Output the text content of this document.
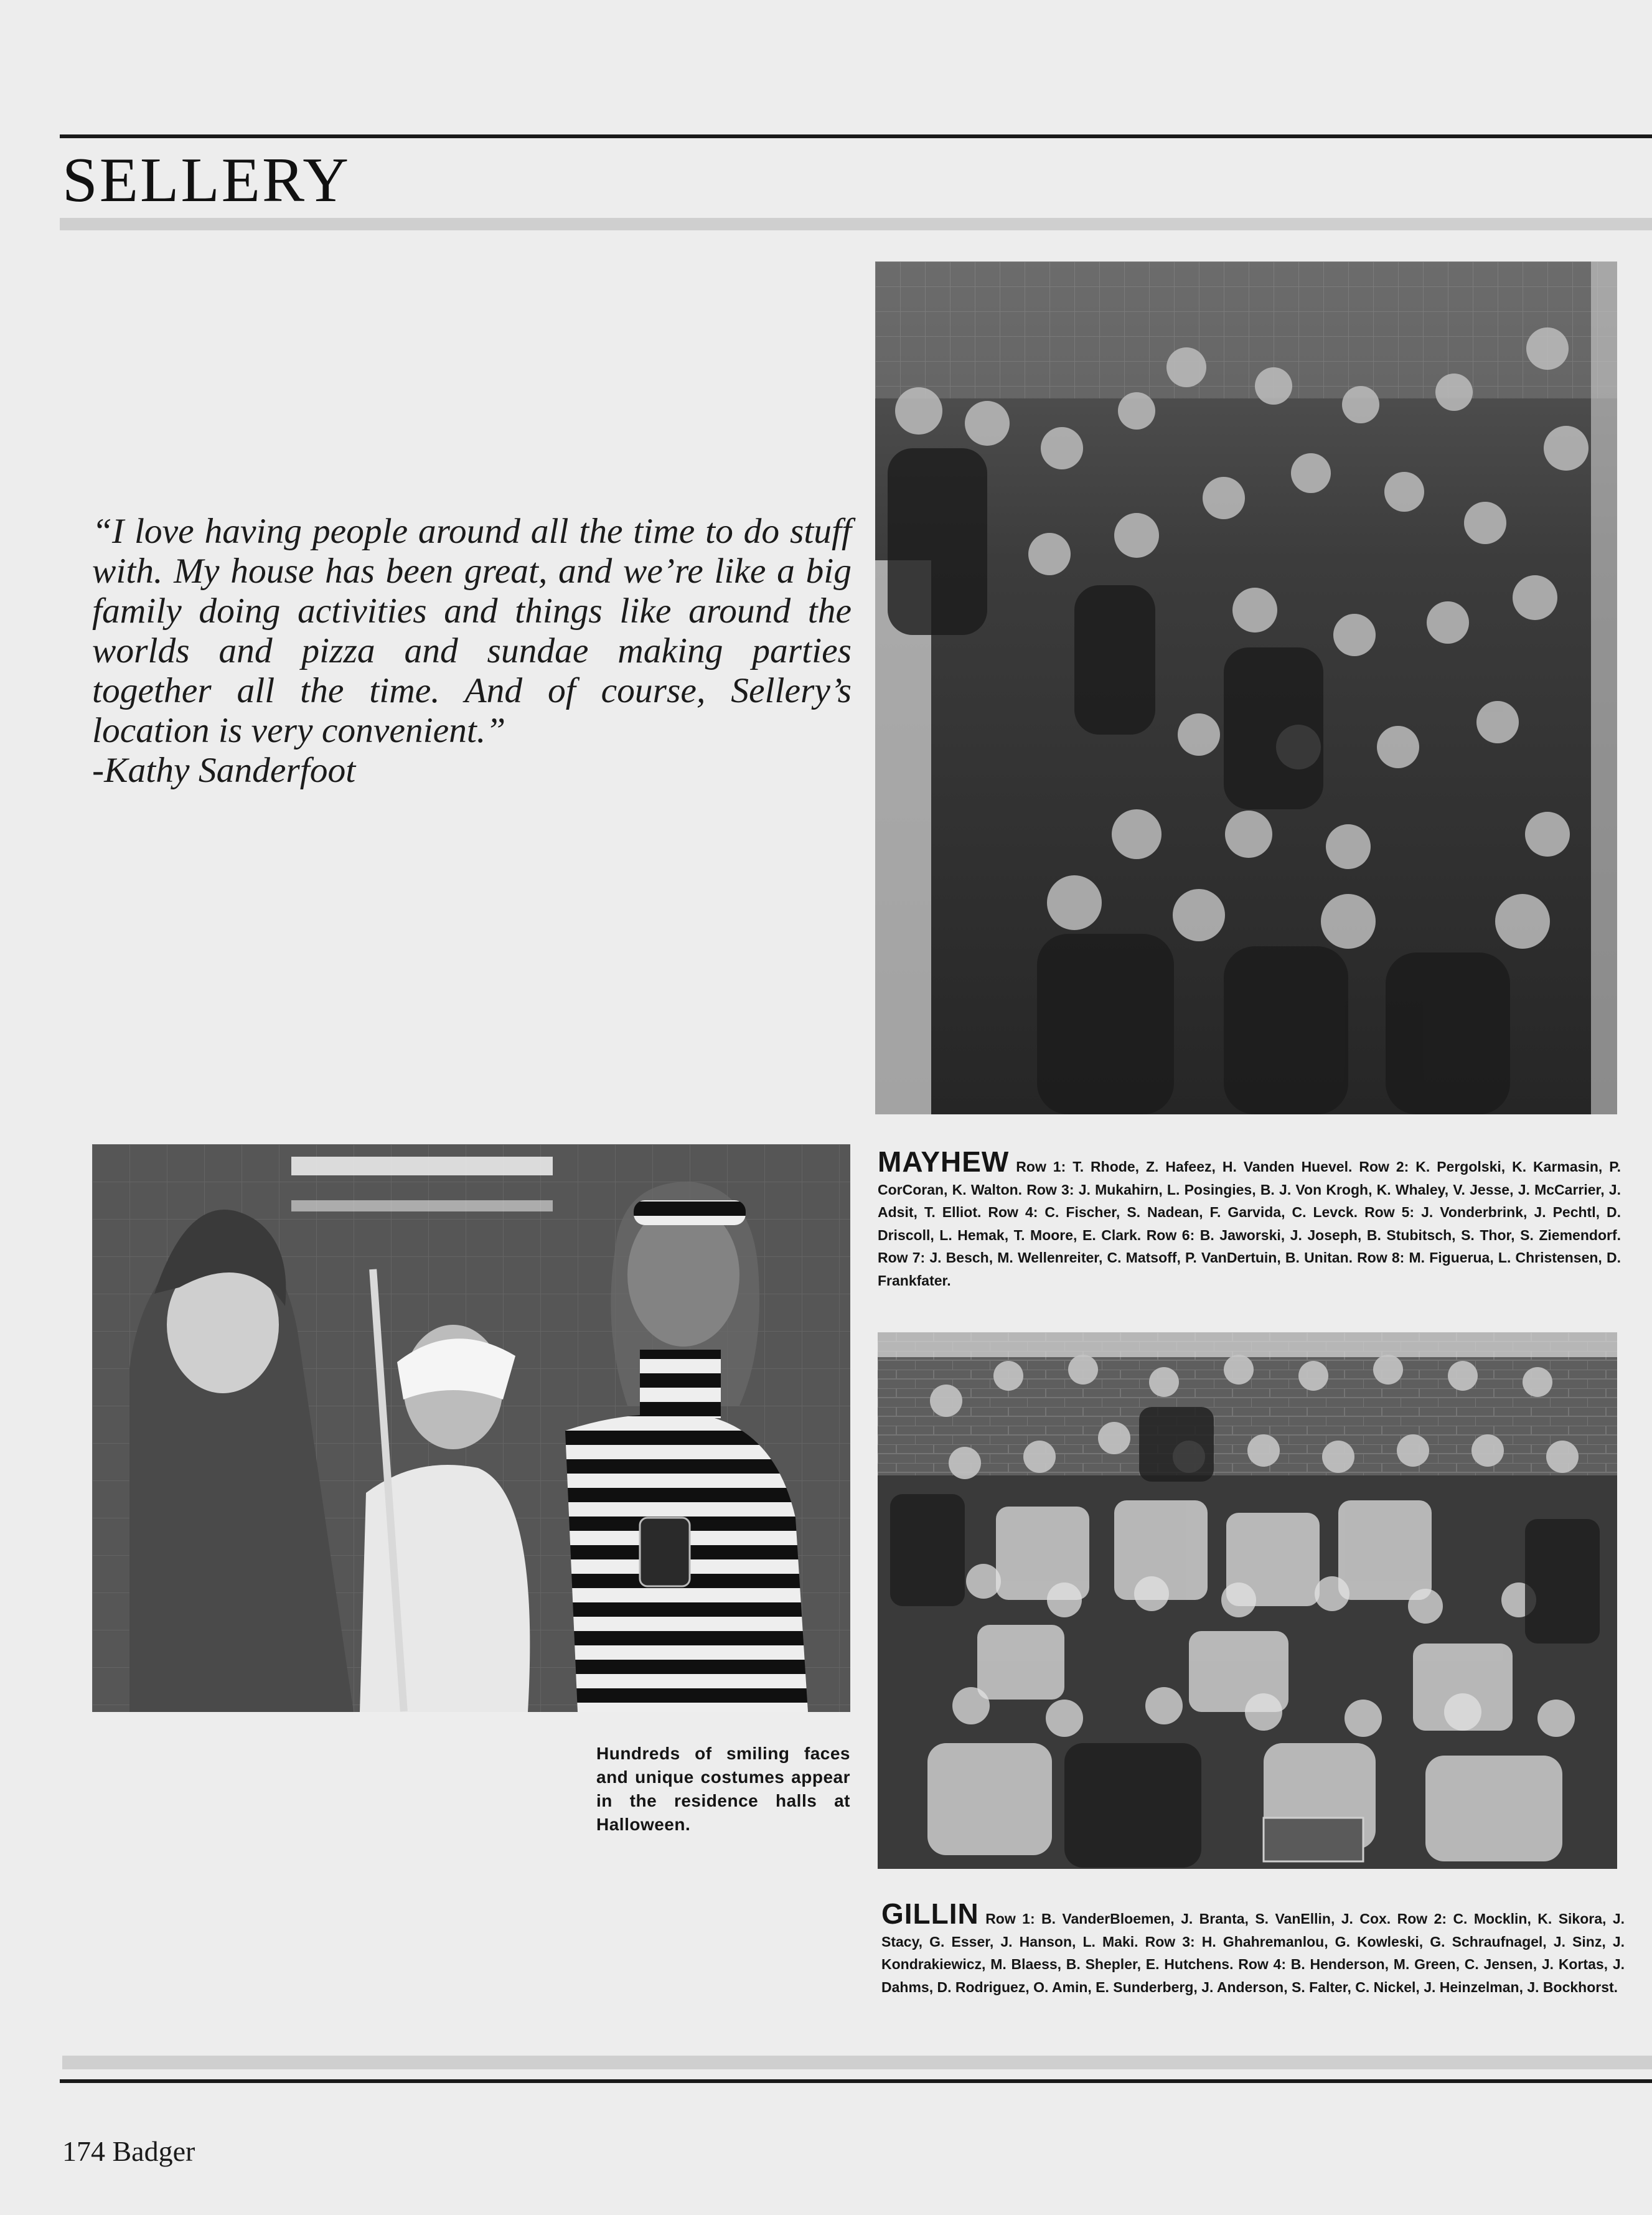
SELLERY
“I love having people around all the time to do stuff with. My house has been great, and we’re like a big family doing activities and things like around the worlds and pizza and sundae making parties together all the time. And of course, Sellery’s location is very convenient.”
-Kathy Sanderfoot
MAYHEW Row 1: T. Rhode, Z. Hafeez, H. Vanden Huevel. Row 2: K. Pergolski, K. Karmasin, P. CorCoran, K. Walton. Row 3: J. Mukahirn, L. Posingies, B. J. Von Krogh, K. Whaley, V. Jesse, J. McCarrier, J. Adsit, T. Elliot. Row 4: C. Fischer, S. Nadean, F. Garvida, C. Levck. Row 5: J. Vonderbrink, J. Pechtl, D. Driscoll, L. Hemak, T. Moore, E. Clark. Row 6: B. Jaworski, J. Joseph, B. Stubitsch, S. Thor, S. Ziemendorf. Row 7: J. Besch, M. Wellenreiter, C. Matsoff, P. VanDertuin, B. Unitan. Row 8: M. Figuerua, L. Christensen, D. Frankfater.
Hundreds of smiling faces and unique costumes appear in the residence halls at Halloween.
GILLIN Row 1: B. VanderBloemen, J. Branta, S. VanEllin, J. Cox. Row 2: C. Mocklin, K. Sikora, J. Stacy, G. Esser, J. Hanson, L. Maki. Row 3: H. Ghahremanlou, G. Kowleski, G. Schraufnagel, J. Sinz, J. Kondrakiewicz, M. Blaess, B. Shepler, E. Hutchens. Row 4: B. Henderson, M. Green, C. Jensen, J. Kortas, J. Dahms, D. Rodriguez, O. Amin, E. Sunderberg, J. Anderson, S. Falter, C. Nickel, J. Heinzelman, J. Bockhorst.
174 Badger
